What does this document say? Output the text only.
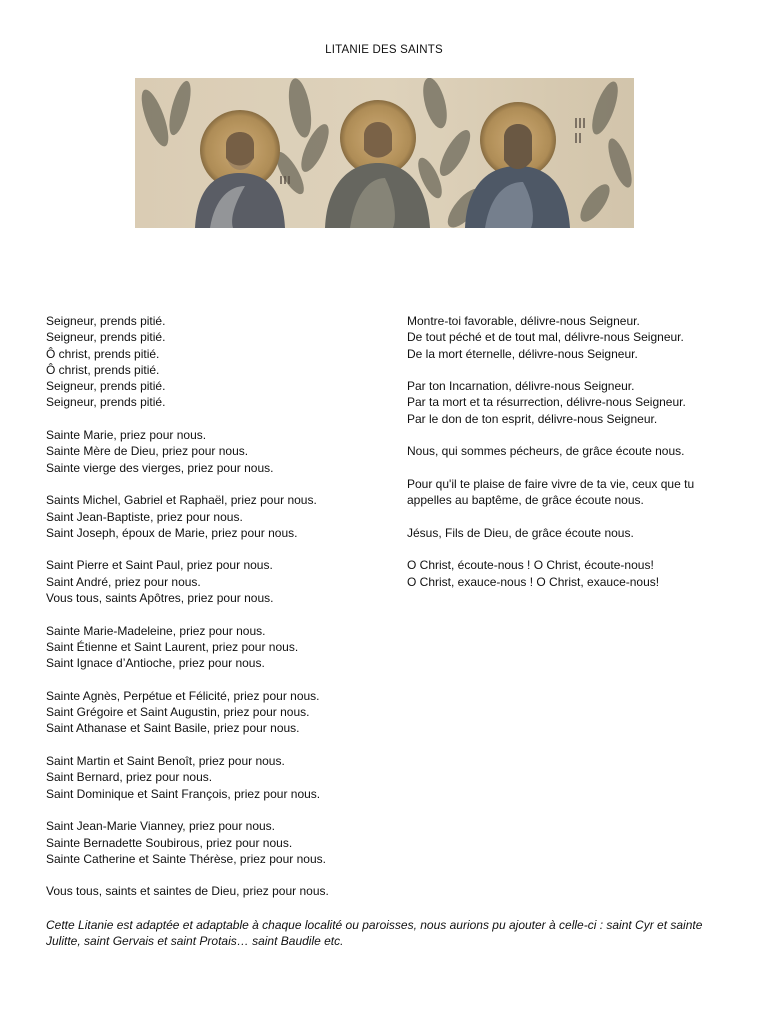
LITANIE DES SAINTS
Seigneur, prends pitié.
Seigneur, prends pitié.
Ô christ, prends pitié.
Ô christ, prends pitié.
Seigneur, prends pitié.
Seigneur, prends pitié.
Sainte Marie, priez pour nous.
Sainte Mère de Dieu, priez pour nous.
Sainte vierge des vierges, priez pour nous.
Saints Michel, Gabriel et Raphaël, priez pour nous.
Saint Jean-Baptiste, priez pour nous.
Saint Joseph, époux de Marie, priez pour nous.
Saint Pierre et Saint Paul, priez pour nous.
Saint André, priez pour nous.
Vous tous, saints Apôtres, priez pour nous.
Sainte Marie-Madeleine, priez pour nous.
Saint Étienne et Saint Laurent, priez pour nous.
Saint Ignace d’Antioche, priez pour nous.
Sainte Agnès, Perpétue et Félicité, priez pour nous.
Saint Grégoire et Saint Augustin, priez pour nous.
Saint Athanase et Saint Basile, priez pour nous.
Saint Martin et Saint Benoît, priez pour nous.
Saint Bernard, priez pour nous.
Saint Dominique et Saint François, priez pour nous.
Saint Jean-Marie Vianney, priez pour nous.
Sainte Bernadette Soubirous, priez pour nous.
Sainte Catherine et Sainte Thérèse, priez pour nous.
Vous tous, saints et saintes de Dieu, priez pour nous.
Montre-toi favorable, délivre-nous Seigneur.
De tout péché et de tout mal, délivre-nous Seigneur.
De la mort éternelle, délivre-nous Seigneur.
Par ton Incarnation, délivre-nous Seigneur.
Par ta mort et ta résurrection, délivre-nous Seigneur.
Par le don de ton esprit, délivre-nous Seigneur.
Nous, qui sommes pécheurs, de grâce écoute nous.
Pour qu'il te plaise de faire vivre de ta vie, ceux que tu appelles au baptême, de grâce écoute nous.
Jésus, Fils de Dieu, de grâce écoute nous.
O Christ, écoute-nous ! O Christ, écoute-nous!
O Christ, exauce-nous ! O Christ, exauce-nous!
Cette Litanie est adaptée et adaptable à chaque localité ou paroisses, nous aurions pu ajouter à celle-ci : saint Cyr et sainte Julitte, saint Gervais et saint Protais… saint Baudile etc.
